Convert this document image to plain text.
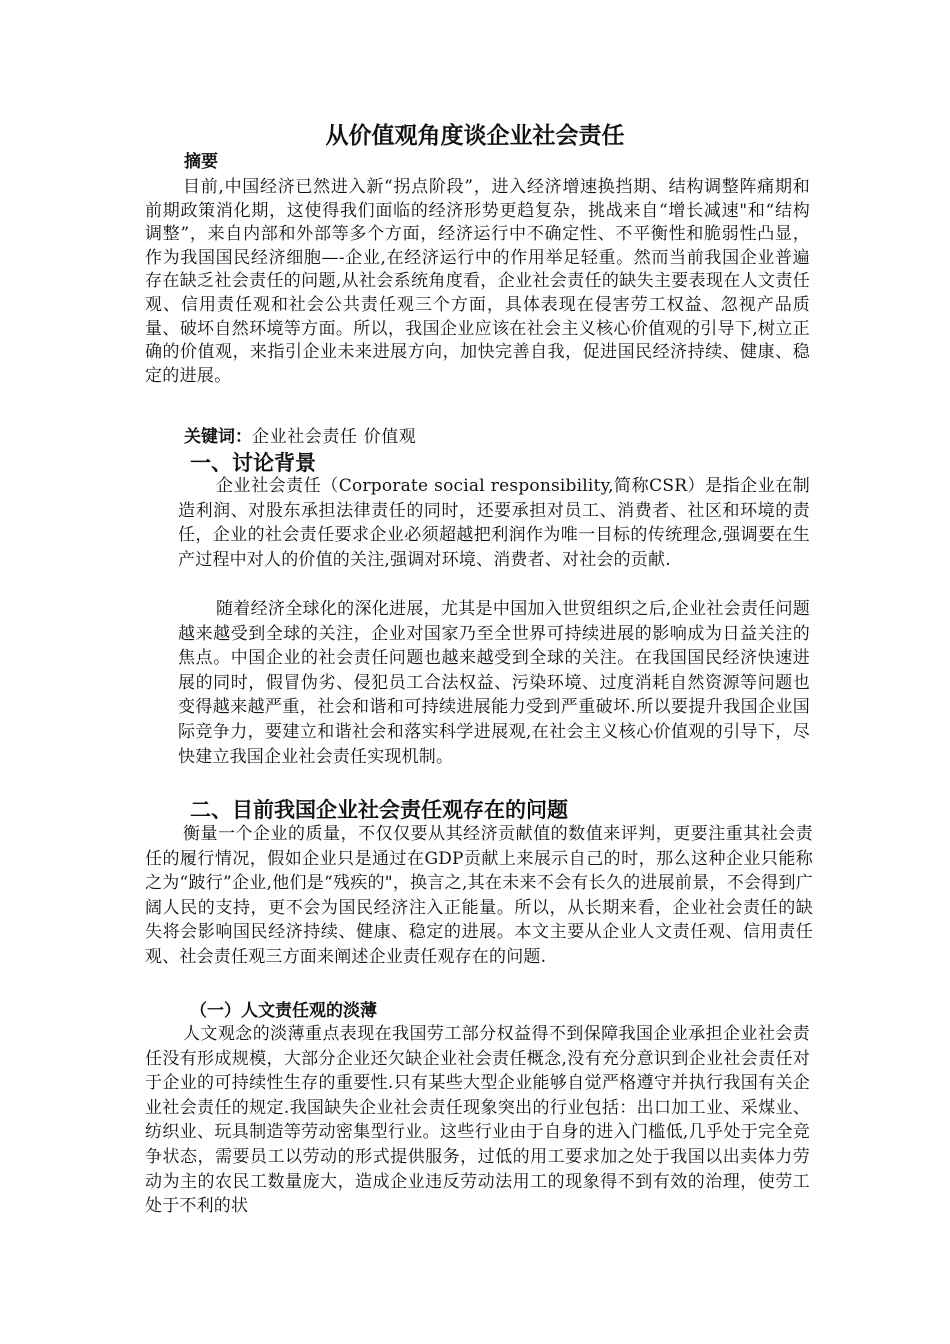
从价值观角度谈企业社会责任
摘要

目前,中国经济已然进入新“拐点阶段”，进入经济增速换挡期、结构调整阵痛期和前期政策消化期，这使得我们面临的经济形势更趋复杂，挑战来自“增长减速"和“结构调整”，来自内部和外部等多个方面，经济运行中不确定性、不平衡性和脆弱性凸显，作为我国国民经济细胞—-企业,在经济运行中的作用举足轻重。然而当前我国企业普遍存在缺乏社会责任的问题,从社会系统角度看，企业社会责任的缺失主要表现在人文责任观、信用责任观和社会公共责任观三个方面，具体表现在侵害劳工权益、忽视产品质量、破坏自然环境等方面。所以，我国企业应该在社会主义核心价值观的引导下,树立正确的价值观，来指引企业未来进展方向，加快完善自我，促进国民经济持续、健康、稳定的进展。

关键词：企业社会责任 价值观
一、讨论背景

企业社会责任（Corporate social responsibility,简称CSR）是指企业在制造利润、对股东承担法律责任的同时，还要承担对员工、消费者、社区和环境的责任，企业的社会责任要求企业必须超越把利润作为唯一目标的传统理念,强调要在生产过程中对人的价值的关注,强调对环境、消费者、对社会的贡献.

随着经济全球化的深化进展，尤其是中国加入世贸组织之后,企业社会责任问题越来越受到全球的关注，企业对国家乃至全世界可持续进展的影响成为日益关注的焦点。中国企业的社会责任问题也越来越受到全球的关注。在我国国民经济快速进展的同时，假冒伪劣、侵犯员工合法权益、污染环境、过度消耗自然资源等问题也变得越来越严重，社会和谐和可持续进展能力受到严重破坏.所以要提升我国企业国际竞争力，要建立和谐社会和落实科学进展观,在社会主义核心价值观的引导下，尽快建立我国企业社会责任实现机制。

二、目前我国企业社会责任观存在的问题

衡量一个企业的质量，不仅仅要从其经济贡献值的数值来评判，更要注重其社会责任的履行情况，假如企业只是通过在GDP贡献上来展示自己的时，那么这种企业只能称之为“跛行”企业,他们是“残疾的"，换言之,其在未来不会有长久的进展前景，不会得到广阔人民的支持，更不会为国民经济注入正能量。所以，从长期来看，企业社会责任的缺失将会影响国民经济持续、健康、稳定的进展。本文主要从企业人文责任观、信用责任观、社会责任观三方面来阐述企业责任观存在的问题.

（一）人文责任观的淡薄

人文观念的淡薄重点表现在我国劳工部分权益得不到保障我国企业承担企业社会责任没有形成规模，大部分企业还欠缺企业社会责任概念,没有充分意识到企业社会责任对于企业的可持续性生存的重要性.只有某些大型企业能够自觉严格遵守并执行我国有关企业社会责任的规定.我国缺失企业社会责任现象突出的行业包括：出口加工业、采煤业、纺织业、玩具制造等劳动密集型行业。这些行业由于自身的进入门槛低,几乎处于完全竞争状态，需要员工以劳动的形式提供服务，过低的用工要求加之处于我国以出卖体力劳动为主的农民工数量庞大，造成企业违反劳动法用工的现象得不到有效的治理，使劳工处于不利的状
